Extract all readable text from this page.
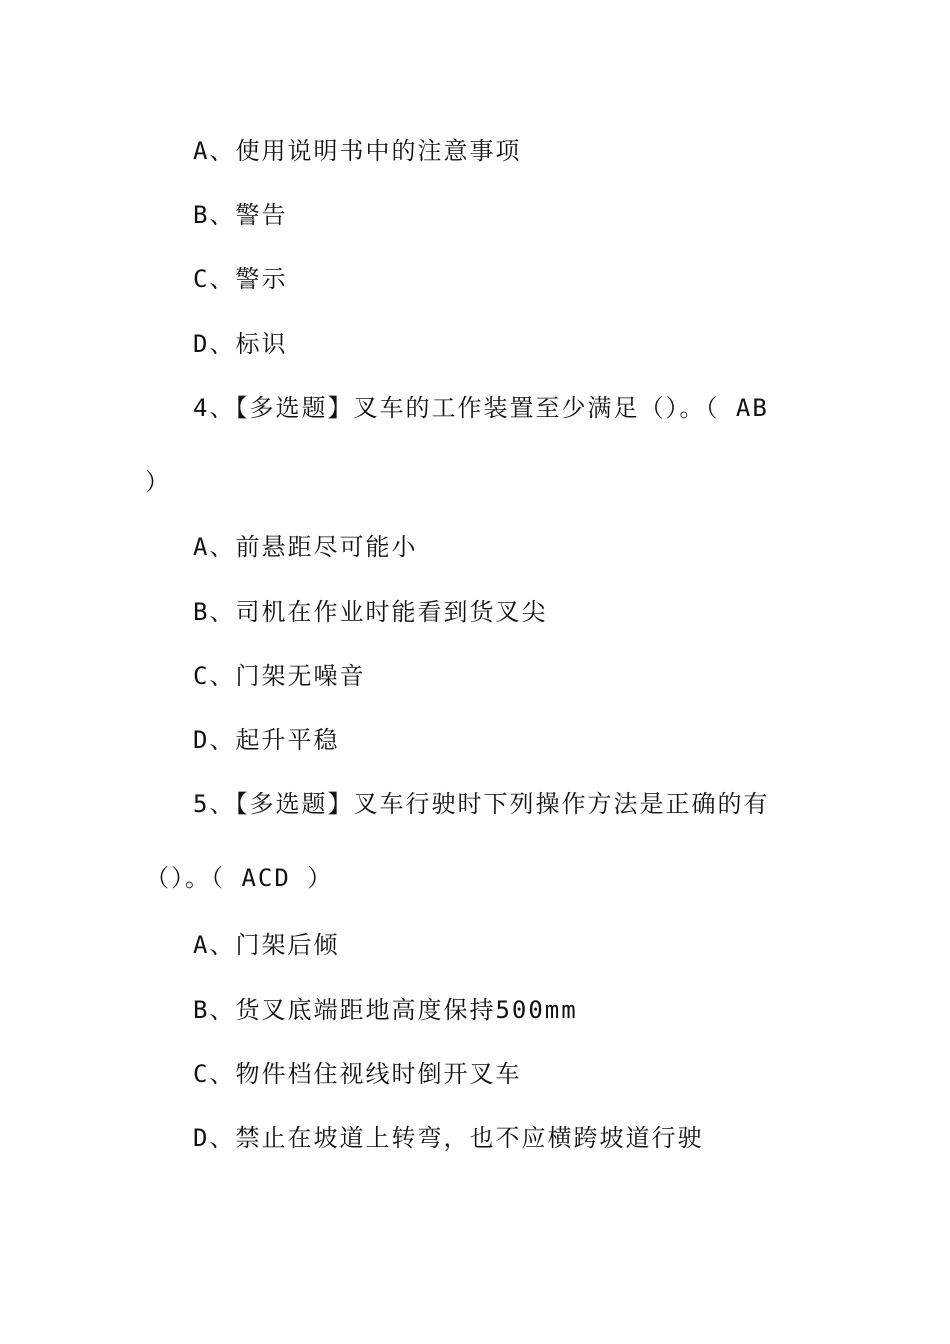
A、使用说明书中的注意事项
B、警告
C、警示
D、标识
4、【多选题】叉车的工作装置至少满足（）。（ AB
）
A、前悬距尽可能小
B、司机在作业时能看到货叉尖
C、门架无噪音
D、起升平稳
5、【多选题】叉车行驶时下列操作方法是正确的有
（）。（ ACD ）
A、门架后倾
B、货叉底端距地高度保持500mm
C、物件档住视线时倒开叉车
D、禁止在坡道上转弯，也不应横跨坡道行驶
